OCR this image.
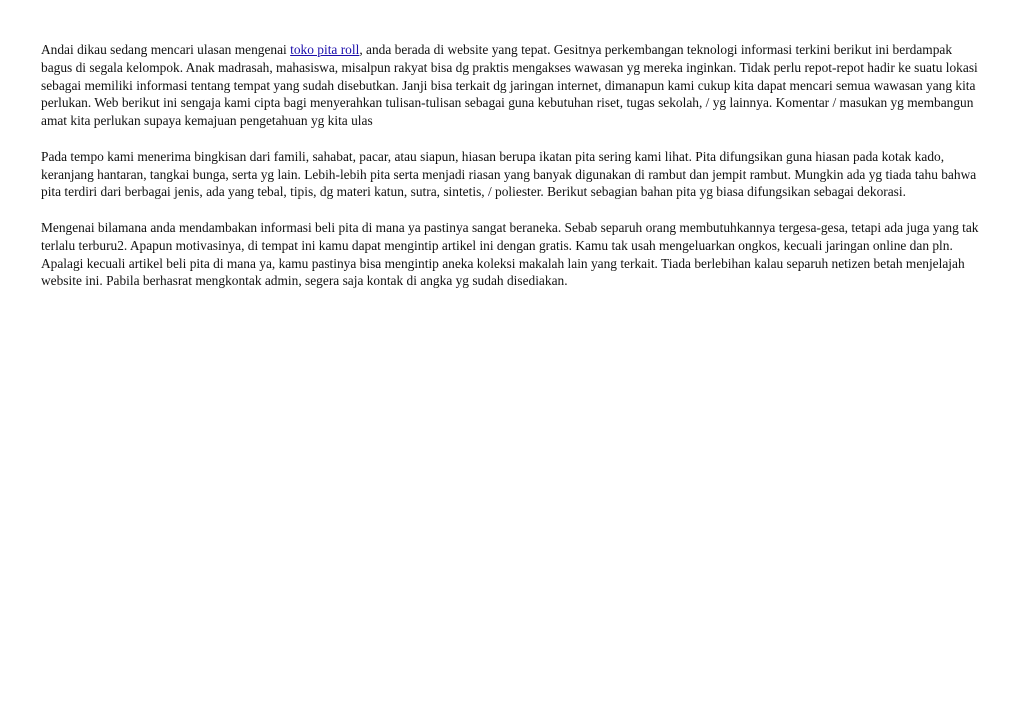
Andai dikau sedang mencari ulasan mengenai toko pita roll, anda berada di website yang tepat. Gesitnya perkembangan teknologi informasi terkini berikut ini berdampak bagus di segala kelompok. Anak madrasah, mahasiswa, misalpun rakyat bisa dg praktis mengakses wawasan yg mereka inginkan. Tidak perlu repot-repot hadir ke suatu lokasi sebagai memiliki informasi tentang tempat yang sudah disebutkan. Janji bisa terkait dg jaringan internet, dimanapun kami cukup kita dapat mencari semua wawasan yang kita perlukan. Web berikut ini sengaja kami cipta bagi menyerahkan tulisan-tulisan sebagai guna kebutuhan riset, tugas sekolah, / yg lainnya. Komentar / masukan yg membangun amat kita perlukan supaya kemajuan pengetahuan yg kita ulas

Pada tempo kami menerima bingkisan dari famili, sahabat, pacar, atau siapun, hiasan berupa ikatan pita sering kami lihat. Pita difungsikan guna hiasan pada kotak kado, keranjang hantaran, tangkai bunga, serta yg lain. Lebih-lebih pita serta menjadi riasan yang banyak digunakan di rambut dan jempit rambut. Mungkin ada yg tiada tahu bahwa pita terdiri dari berbagai jenis, ada yang tebal, tipis, dg materi katun, sutra, sintetis, / poliester. Berikut sebagian bahan pita yg biasa difungsikan sebagai dekorasi.

Mengenai bilamana anda mendambakan informasi beli pita di mana ya pastinya sangat beraneka. Sebab separuh orang membutuhkannya tergesa-gesa, tetapi ada juga yang tak terlalu terburu2. Apapun motivasinya, di tempat ini kamu dapat mengintip artikel ini dengan gratis. Kamu tak usah mengeluarkan ongkos, kecuali jaringan online dan pln. Apalagi kecuali artikel beli pita di mana ya, kamu pastinya bisa mengintip aneka koleksi makalah lain yang terkait. Tiada berlebihan kalau separuh netizen betah menjelajah website ini. Pabila berhasrat mengkontak admin, segera saja kontak di angka yg sudah disediakan.
